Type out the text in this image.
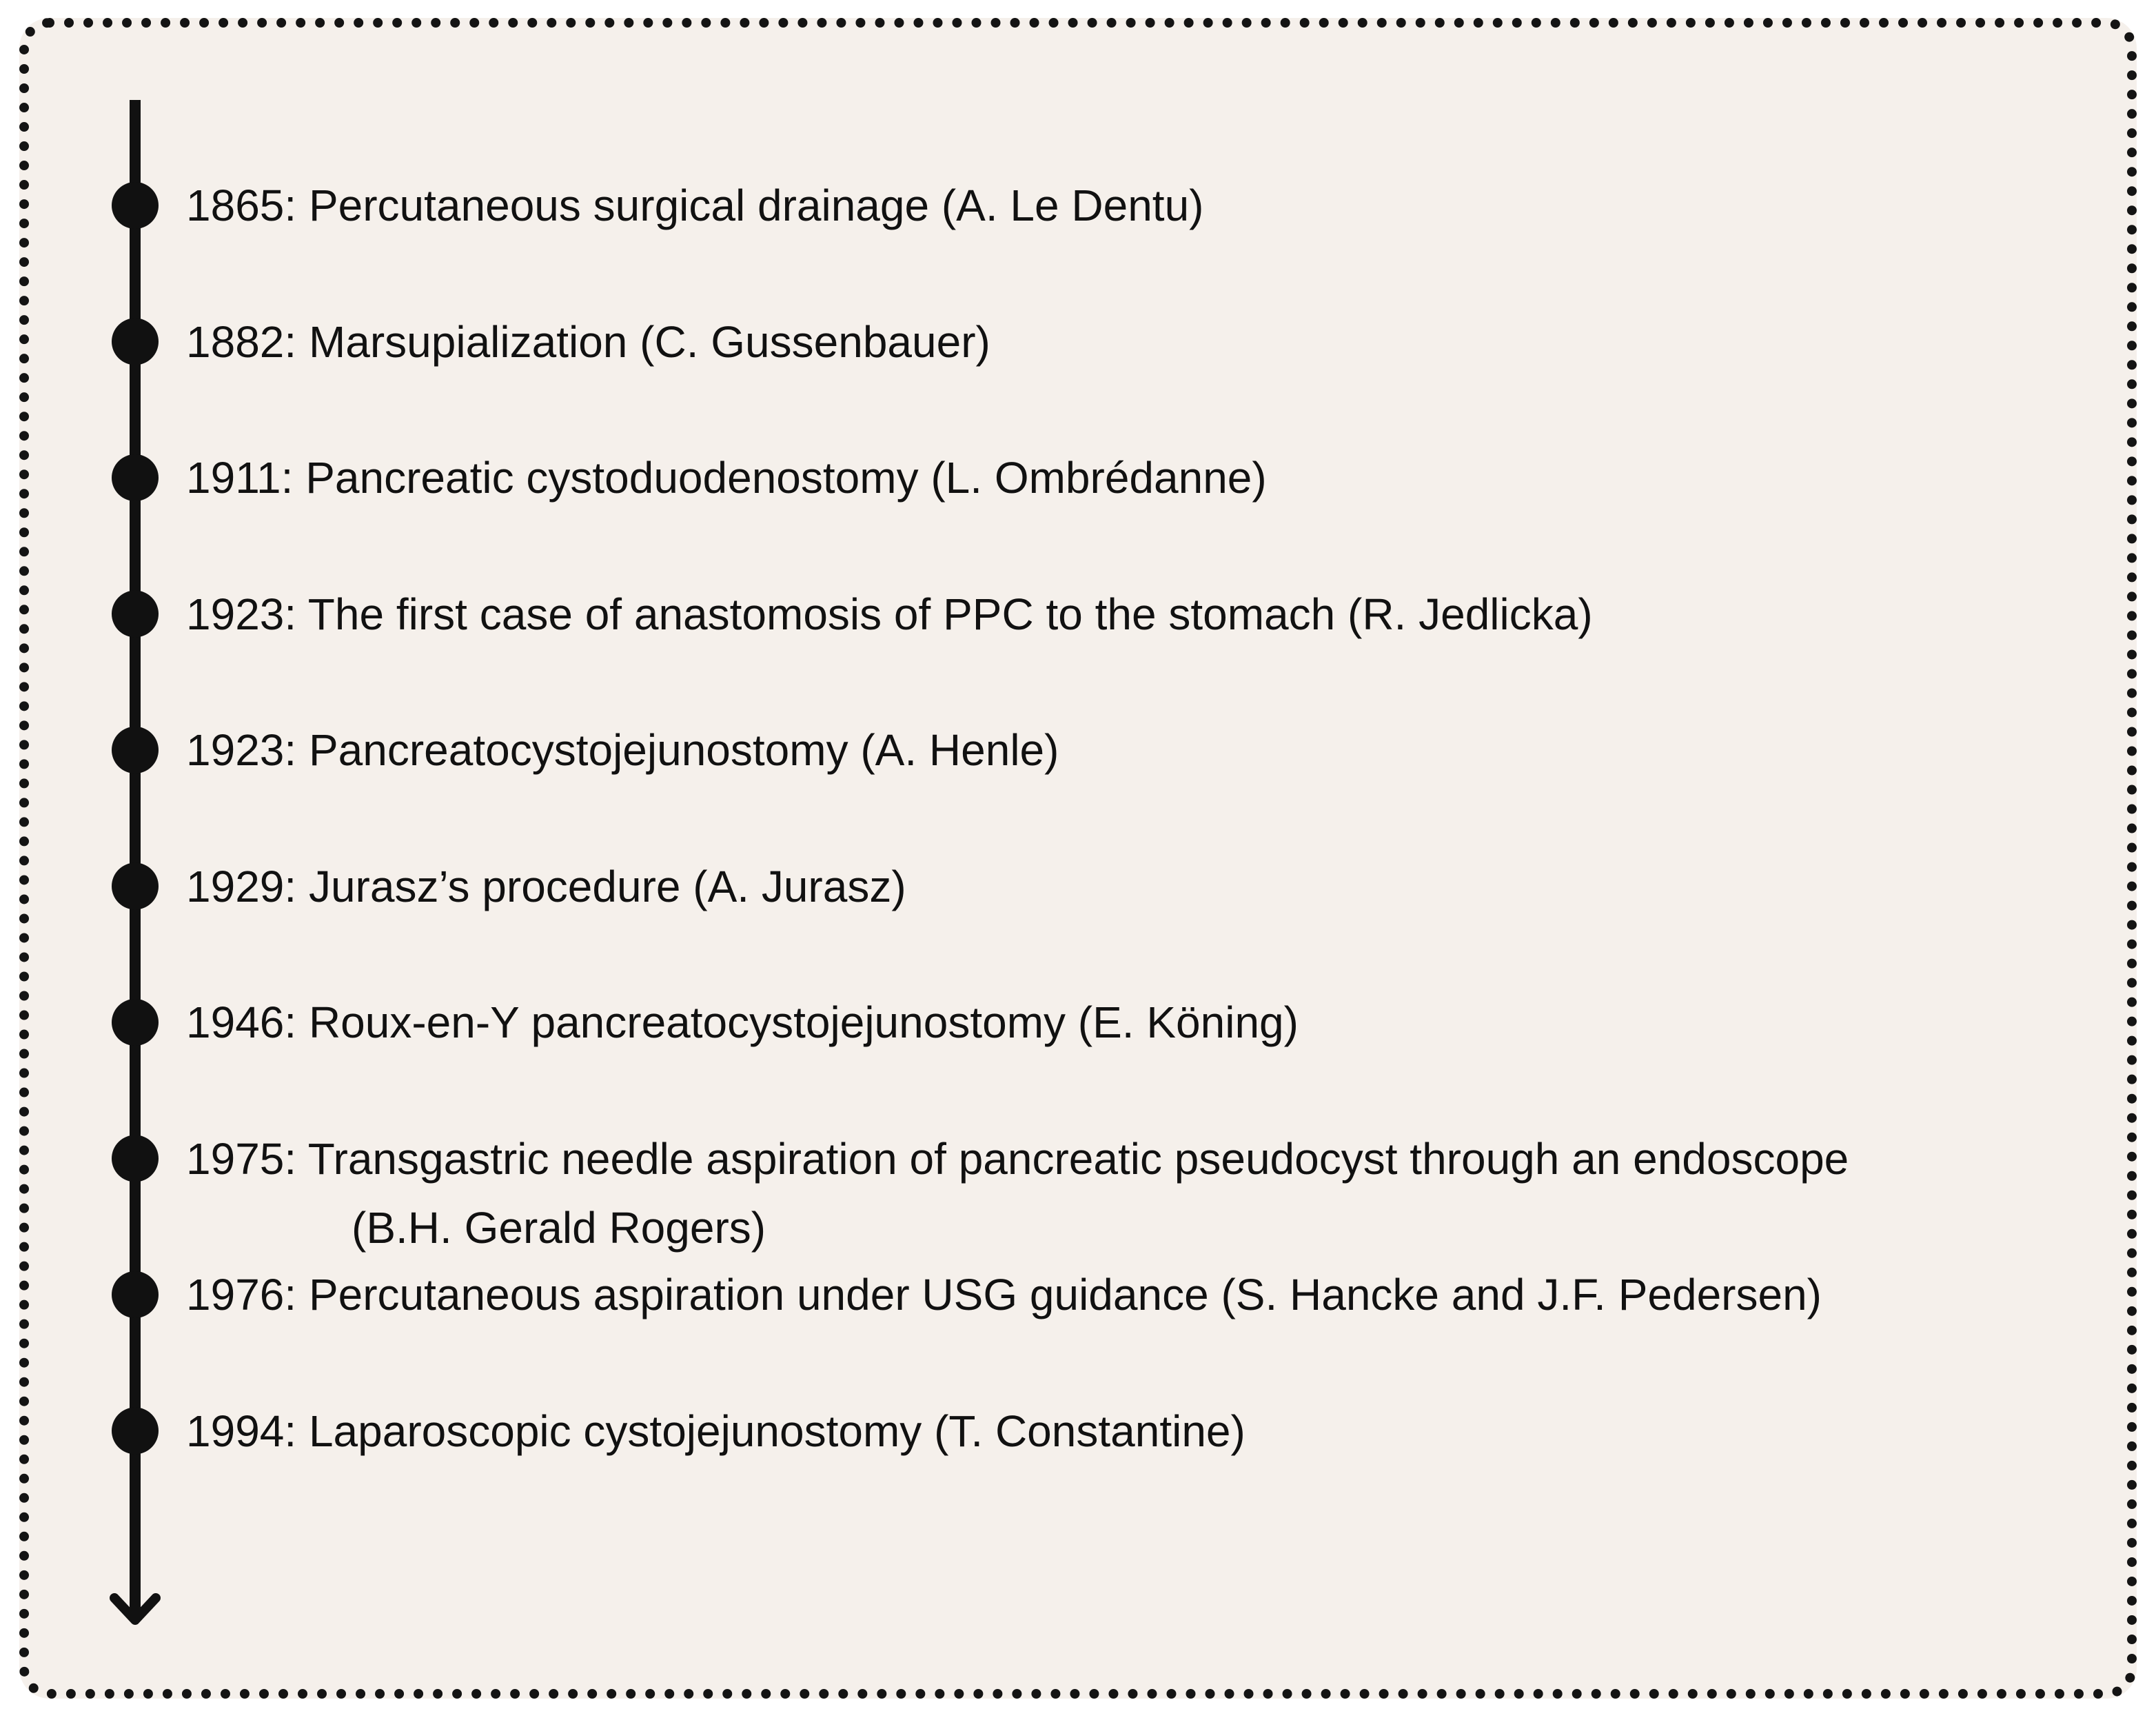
1865: Percutaneous surgical drainage (A. Le Dentu)
1882: Marsupialization (C. Gussenbauer)
1911: Pancreatic cystoduodenostomy (L. Ombrédanne)
1923: The first case of anastomosis of PPC to the stomach (R. Jedlicka)
1923: Pancreatocystojejunostomy (A. Henle)
1929: Jurasz’s procedure (A. Jurasz)
1946: Roux-en-Y pancreatocystojejunostomy (E. Köning)
1975: Transgastric needle aspiration of pancreatic pseudocyst through an endoscope
(B.H. Gerald Rogers)
1976: Percutaneous aspiration under USG guidance (S. Hancke and J.F. Pedersen)
1994: Laparoscopic cystojejunostomy (T. Constantine)
